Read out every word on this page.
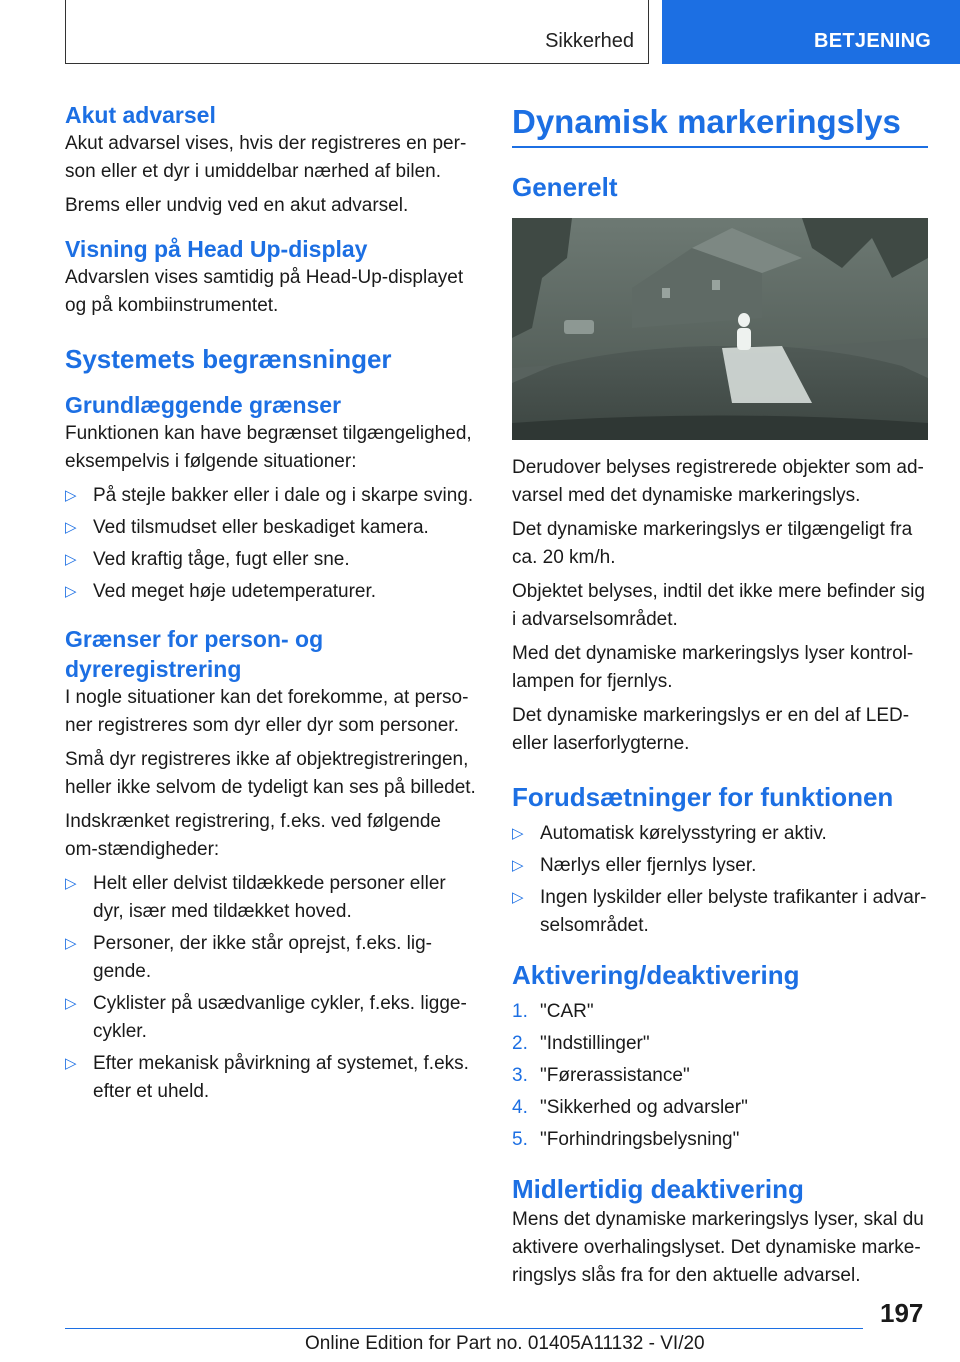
Sikkerhed	BETJENING
Akut advarsel

Akut advarsel vises, hvis der registreres en per-son eller et dyr i umiddelbar nærhed af bilen.

Brems eller undvig ved en akut advarsel.

Visning på Head Up-display

Advarslen vises samtidig på Head-Up-displayet og på kombiinstrumentet.

Systemets begrænsninger
Grundlæggende grænser

Funktionen kan have begrænset tilgængelighed, eksempelvis i følgende situationer:

▷ På stejle bakker eller i dale og i skarpe sving.
▷ Ved tilsmudset eller beskadiget kamera.
▷ Ved kraftig tåge, fugt eller sne.
▷ Ved meget høje udetemperaturer.
Grænser for person- og dyreregistrering

I nogle situationer kan det forekomme, at perso-ner registreres som dyr eller dyr som personer.

Små dyr registreres ikke af objektregistreringen, heller ikke selvom de tydeligt kan ses på billedet.

Indskrænket registrering, f.eks. ved følgende om-stændigheder:

▷ Helt eller delvist tildækkede personer eller dyr, især med tildækket hoved.
▷ Personer, der ikke står oprejst, f.eks. lig-gende.
▷ Cyklister på usædvanlige cykler, f.eks. ligge-cykler.
▷ Efter mekanisk påvirkning af systemet, f.eks. efter et uheld.
Dynamisk markeringslys
Generelt

Derudover belyses registrerede objekter som ad-varsel med det dynamiske markeringslys.

Det dynamiske markeringslys er tilgængeligt fra ca. 20 km/h.

Objektet belyses, indtil det ikke mere befinder sig i advarselsområdet.

Med det dynamiske markeringslys lyser kontrol-lampen for fjernlys.

Det dynamiske markeringslys er en del af LED- eller laserforlygterne.

Forudsætninger for funktionen
▷ Automatisk kørelysstyring er aktiv.
▷ Nærlys eller fjernlys lyser.
▷ Ingen lyskilder eller belyste trafikanter i advar-selsområdet.
Aktivering/deaktivering
1. "CAR"
2. "Indstillinger"
3. "Førerassistance"
4. "Sikkerhed og advarsler"
5. "Forhindringsbelysning"
Midlertidig deaktivering

Mens det dynamiske markeringslys lyser, skal du aktivere overhalingslyset. Det dynamiske marke-ringslys slås fra for den aktuelle advarsel.

197
Online Edition for Part no. 01405A11132 - VI/20
